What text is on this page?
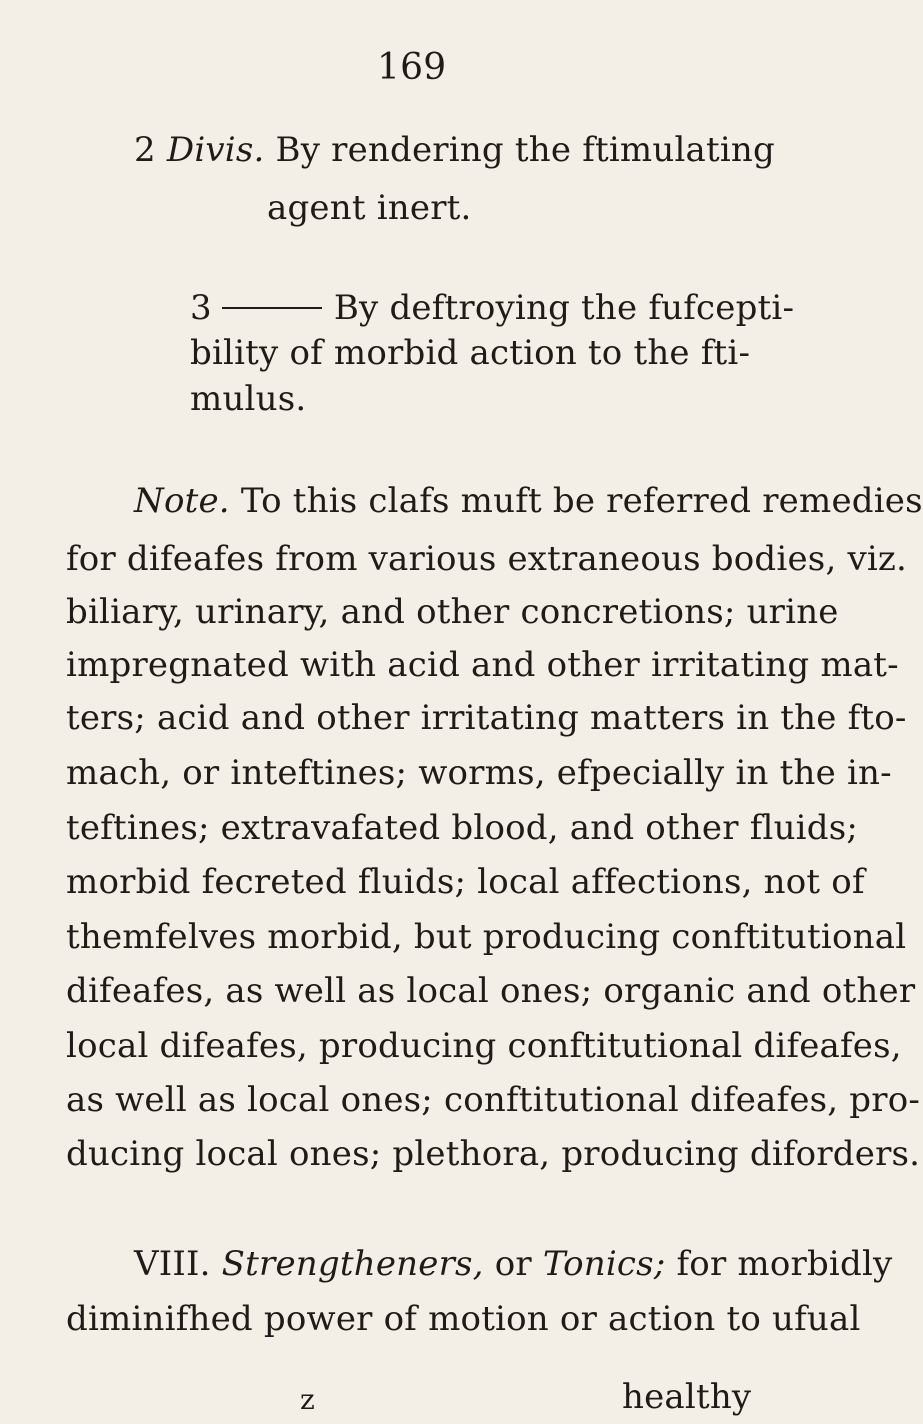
169
2 Divis. By rendering the ftimulating
agent inert.
3	By deftroying the fufcepti-
bility of morbid action to the fti-
mulus.
Note. To this clafs muft be referred remedies
for difeafes from various extraneous bodies, viz.
biliary, urinary, and other concretions; urine
impregnated with acid and other irritating mat-
ters; acid and other irritating matters in the fto-
mach, or inteftines; worms, efpecially in the in-
teftines; extravafated blood, and other fluids;
morbid fecreted fluids; local affections, not of
themfelves morbid, but producing conftitutional
difeafes, as well as local ones; organic and other
local difeafes, producing conftitutional difeafes,
as well as local ones; conftitutional difeafes, pro-
ducing local ones; plethora, producing diforders.
VIII. Strengtheners, or Tonics; for morbidly
diminifhed power of motion or action to ufual
z	healthy
